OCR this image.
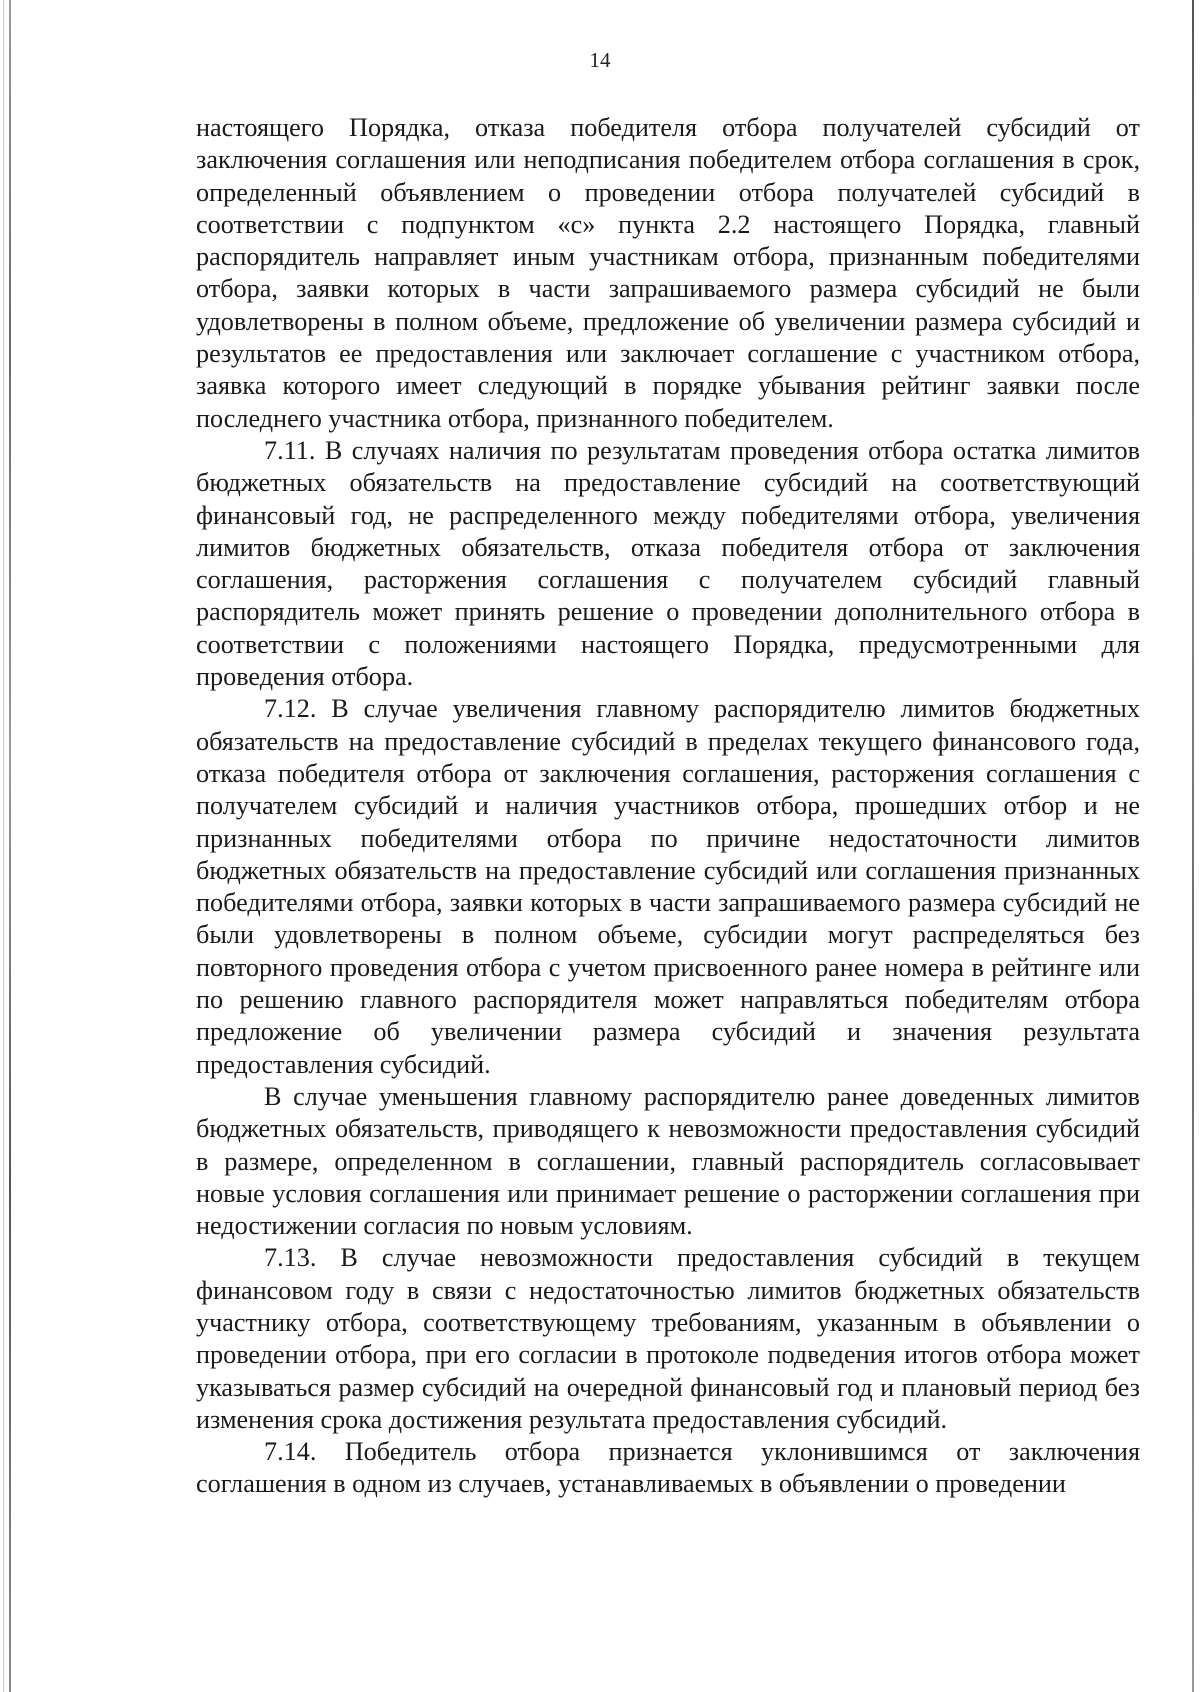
14

настоящего Порядка, отказа победителя отбора получателей субсидий от заключения соглашения или неподписания победителем отбора соглашения в срок, определенный объявлением о проведении отбора получателей субсидий в соответствии с подпунктом «с» пункта 2.2 настоящего Порядка, главный распорядитель направляет иным участникам отбора, признанным победителями отбора, заявки которых в части запрашиваемого размера субсидий не были удовлетворены в полном объеме, предложение об увеличении размера субсидий и результатов ее предоставления или заключает соглашение с участником отбора, заявка которого имеет следующий в порядке убывания рейтинг заявки после последнего участника отбора, признанного победителем.

7.11. В случаях наличия по результатам проведения отбора остатка лимитов бюджетных обязательств на предоставление субсидий на соответствующий финансовый год, не распределенного между победителями отбора, увеличения лимитов бюджетных обязательств, отказа победителя отбора от заключения соглашения, расторжения соглашения с получателем субсидий главный распорядитель может принять решение о проведении дополнительного отбора в соответствии с положениями настоящего Порядка, предусмотренными для проведения отбора.

7.12. В случае увеличения главному распорядителю лимитов бюджетных обязательств на предоставление субсидий в пределах текущего финансового года, отказа победителя отбора от заключения соглашения, расторжения соглашения с получателем субсидий и наличия участников отбора, прошедших отбор и не признанных победителями отбора по причине недостаточности лимитов бюджетных обязательств на предоставление субсидий или соглашения признанных победителями отбора, заявки которых в части запрашиваемого размера субсидий не были удовлетворены в полном объеме, субсидии могут распределяться без повторного проведения отбора с учетом присвоенного ранее номера в рейтинге или по решению главного распорядителя может направляться победителям отбора предложение об увеличении размера субсидий и значения результата предоставления субсидий.

В случае уменьшения главному распорядителю ранее доведенных лимитов бюджетных обязательств, приводящего к невозможности предоставления субсидий в размере, определенном в соглашении, главный распорядитель согласовывает новые условия соглашения или принимает решение о расторжении соглашения при недостижении согласия по новым условиям.

7.13. В случае невозможности предоставления субсидий в текущем финансовом году в связи с недостаточностью лимитов бюджетных обязательств участнику отбора, соответствующему требованиям, указанным в объявлении о проведении отбора, при его согласии в протоколе подведения итогов отбора может указываться размер субсидий на очередной финансовый год и плановый период без изменения срока достижения результата предоставления субсидий.

7.14. Победитель отбора признается уклонившимся от заключения соглашения в одном из случаев, устанавливаемых в объявлении о проведении
